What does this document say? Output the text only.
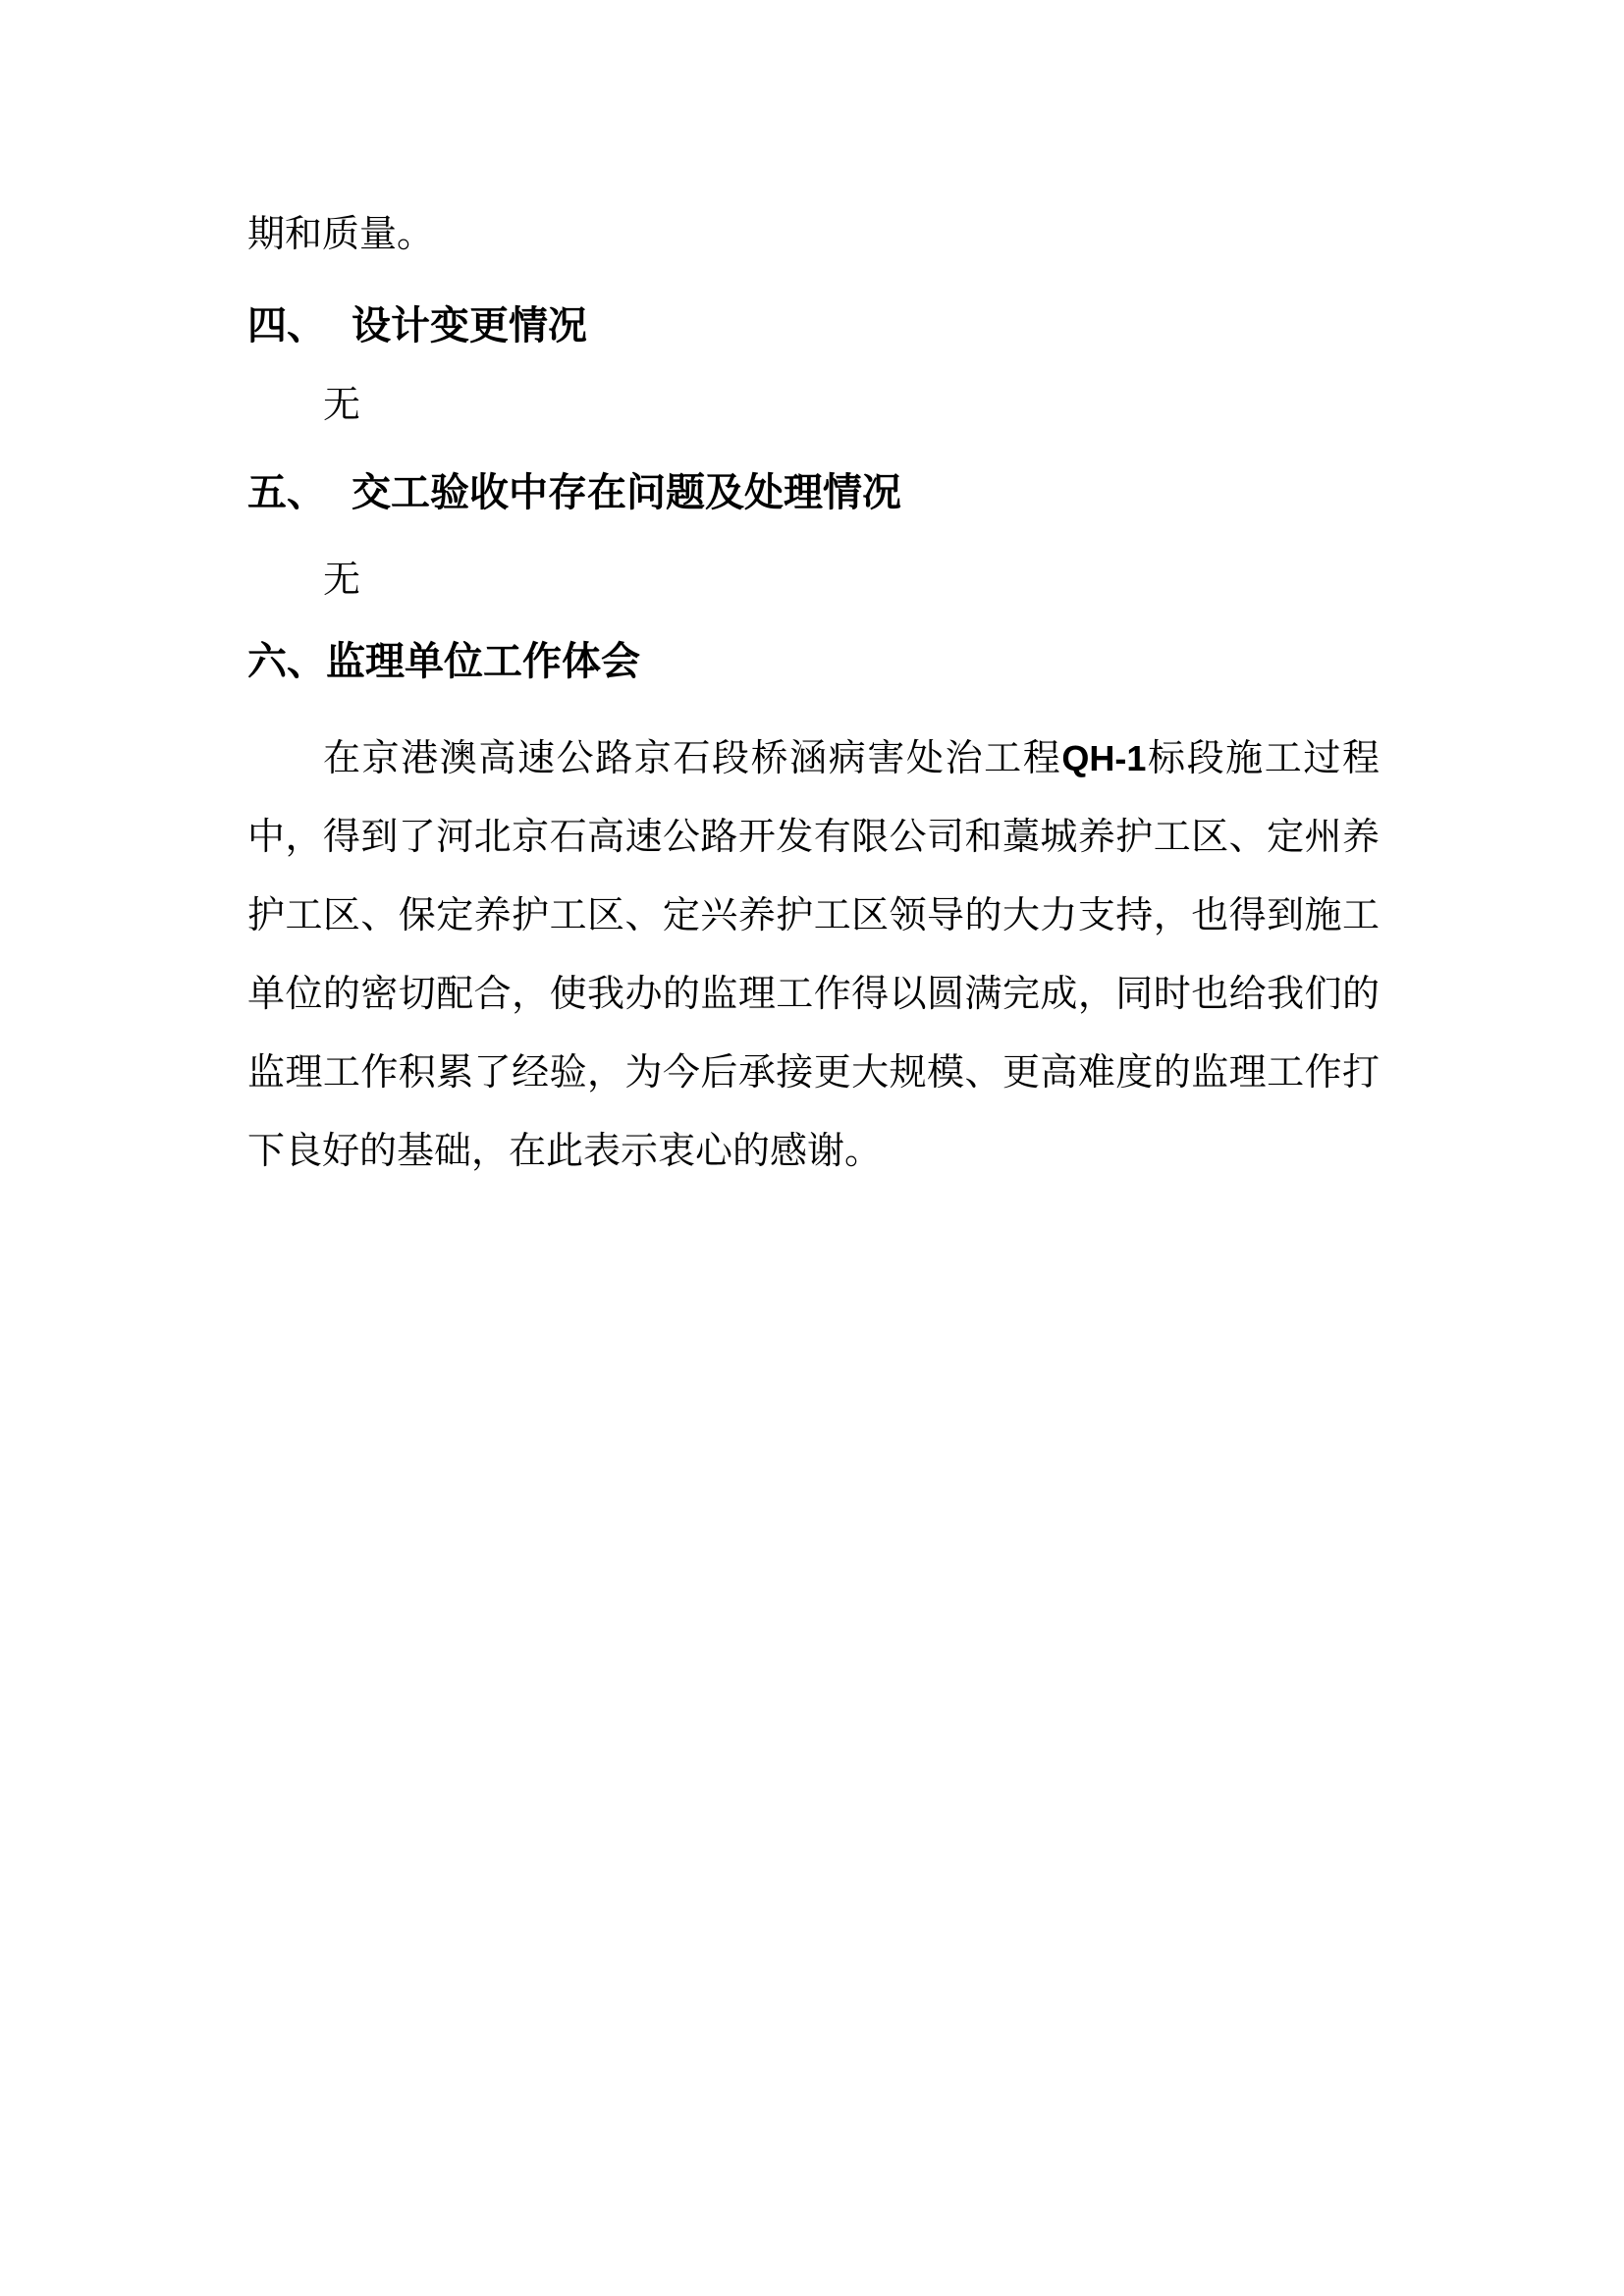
期和质量。
四、 设计变更情况
无
五、 交工验收中存在问题及处理情况
无
六、监理单位工作体会
在京港澳高速公路京石段桥涵病害处治工程QH-1标段施工过程
中，得到了河北京石高速公路开发有限公司和藁城养护工区、定州养
护工区、保定养护工区、定兴养护工区领导的大力支持，也得到施工
单位的密切配合，使我办的监理工作得以圆满完成，同时也给我们的
监理工作积累了经验，为今后承接更大规模、更高难度的监理工作打
下良好的基础，在此表示衷心的感谢。
